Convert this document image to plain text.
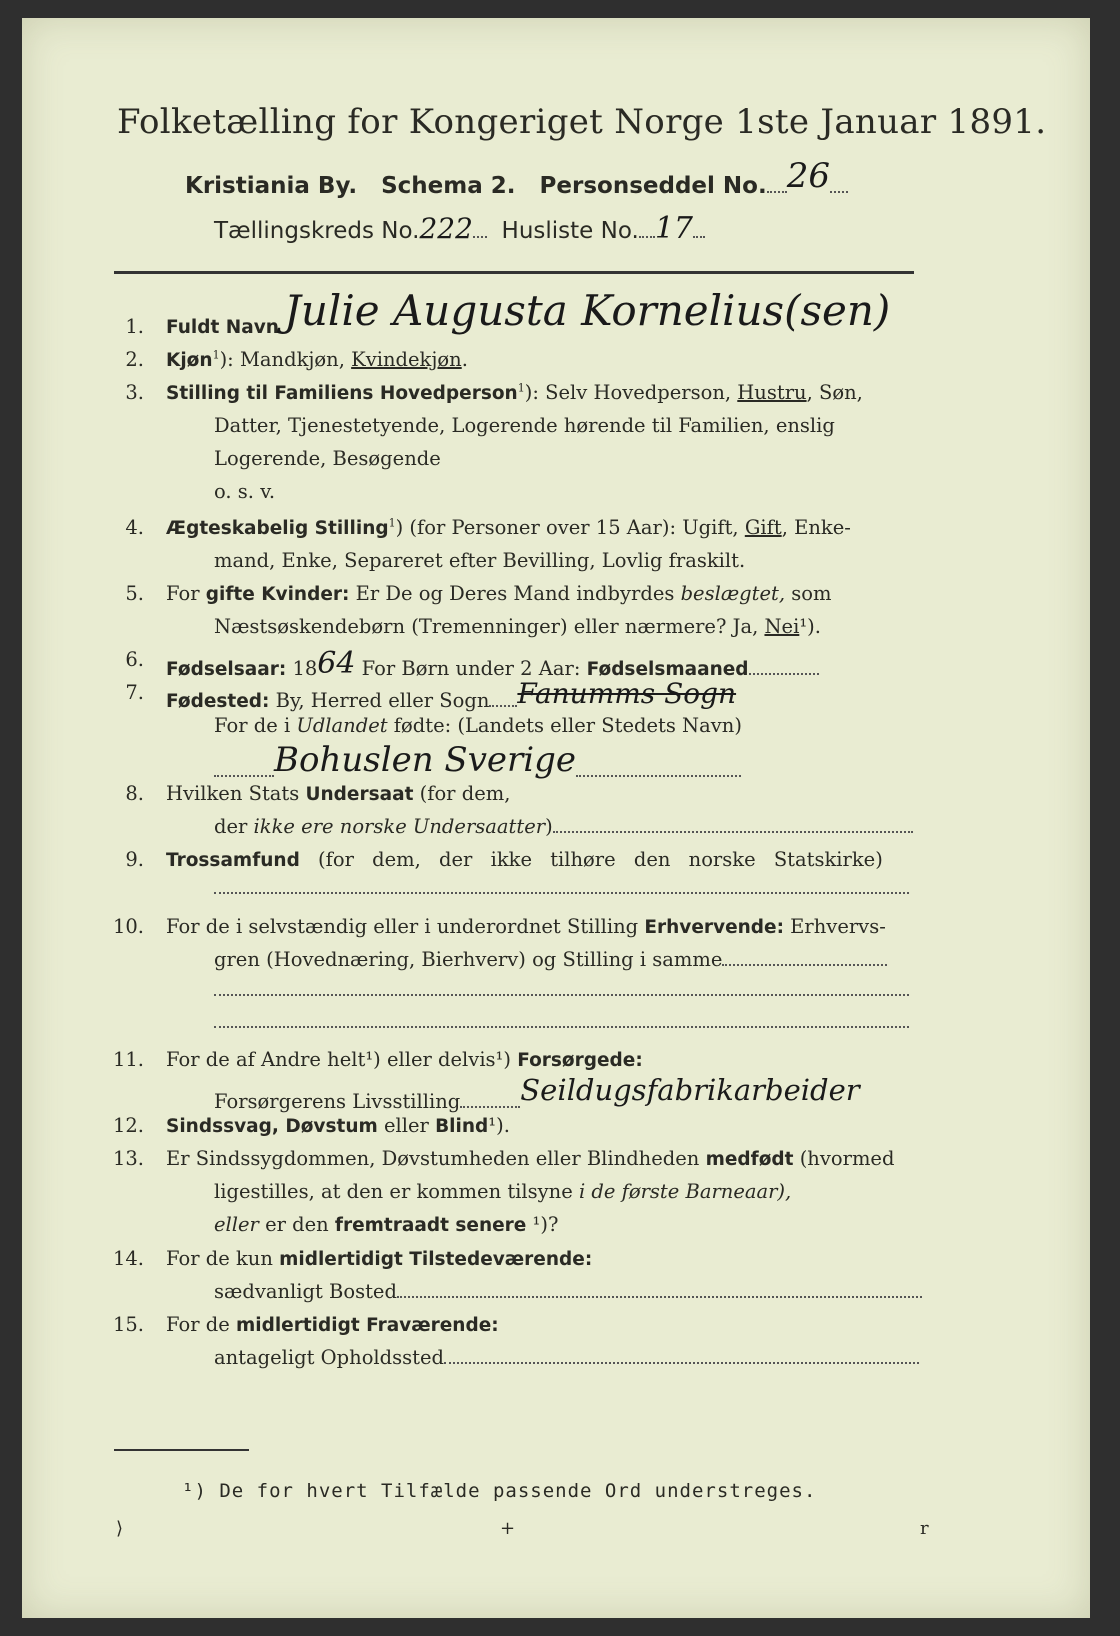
Folketælling for Kongeriget Norge 1ste Januar 1891.
Kristiania By. Schema 2. Personseddel No. 26
Tællingskreds No.222 Husliste No. 17
1. Fuldt Navn Julie Augusta Kornelius(sen)
2. Kjøn$^1$): Mandkjøn, Kvindekjøn.
3. Stilling til Familiens Hovedperson$^1$): Selv Hovedperson, Hustru, Søn,
Datter, Tjenestetyende, Logerende hørende til Familien, enslig
Logerende, Besøgende
o. s. v.
4. Ægteskabelig Stilling$^1$) (for Personer over 15 Aar): Ugift, Gift, Enke-
mand, Enke, Separeret efter Bevilling, Lovlig fraskilt.
5. For gifte Kvinder: Er De og Deres Mand indbyrdes beslægtet, som
Næstsøskendebørn (Tremenninger) eller nærmere? Ja, Nei¹).
6. Fødselsaar: 1864 For Børn under 2 Aar: Fødselsmaaned
7. Fødested: By, Herred eller Sogn Fanumms Sogn
For de i Udlandet fødte: (Landets eller Stedets Navn)
Bohuslen Sverige
8. Hvilken Stats Undersaat (for dem,
der ikke ere norske Undersaatter)
9. Trossamfund (for dem, der ikke tilhøre den norske Statskirke)
10. For de i selvstændig eller i underordnet Stilling Erhvervende: Erhvervs-
gren (Hovednæring, Bierhverv) og Stilling i samme
11. For de af Andre helt¹) eller delvis¹) Forsørgede:
Forsørgerens Livsstilling Seildugsfabrikarbeider
12. Sindssvag, Døvstum eller Blind¹).
13. Er Sindssygdommen, Døvstumheden eller Blindheden medfødt (hvormed
ligestilles, at den er kommen tilsyne i de første Barneaar),
eller er den fremtraadt senere ¹)?
14. For de kun midlertidigt Tilstedeværende:
sædvanligt Bosted
15. For de midlertidigt Fraværende:
antageligt Opholdssted
¹) De for hvert Tilfælde passende Ord understreges.
⟩	+	r
